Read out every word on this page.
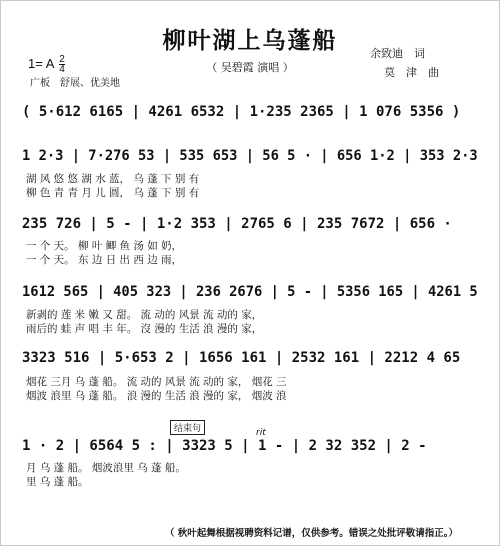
柳叶湖上乌蓬船
（ 吴碧霞 演唱 ）
余致迪　词
莫　津　曲
1= A $\frac{2}{4}$
广板　舒展、优美地
( 5·612 6165 | 4261 6532 | 1·235 2365 | 1 076 5356 )
1 2·3 | 7·276 53 | 535 653 | 56 5 · | 656 1·2 | 353 2·3
湖 风 悠 悠 湖 水 蓝， 乌 蓬 下 别 有
柳 色 青 青 月 儿 圆， 乌 蓬 下 别 有
235 726 | 5 - | 1·2 353 | 2765 6 | 235 7672 | 656 ·
一 个 天。 柳 叶 鲫 鱼 汤 如 奶，
一 个 天。 东 边 日 出 西 边 雨，
1612 565 | 405 323 | 236 2676 | 5 - | 5356 165 | 4261 5
新剥的 莲 米 嫩 又 甜。 流 动的 风景 流 动的 家，
雨后的 蛙 声 唱 丰 年。 沒 漫的 生活 浪 漫的 家，
3323 516 | 5·653 2 | 1656 161 | 2532 161 | 2212 4 65
烟花 三月 乌 蓬 船。 流 动的 风景 流 动的 家， 烟花 三
烟波 浪里 乌 蓬 船。 浪 漫的 生活 浪 漫的 家， 烟波 浪
结束句	rit
1 · 2 | 6564 5 : | 3323 5 | 1 - | 2 32 352 | 2 -
月 乌 蓬 船。 烟波浪里 乌 蓬 船。
里 乌 蓬 船。
（ 秋叶起舞根据视聘资料记谱，仅供参考。错误之处批评敬请指正。）
